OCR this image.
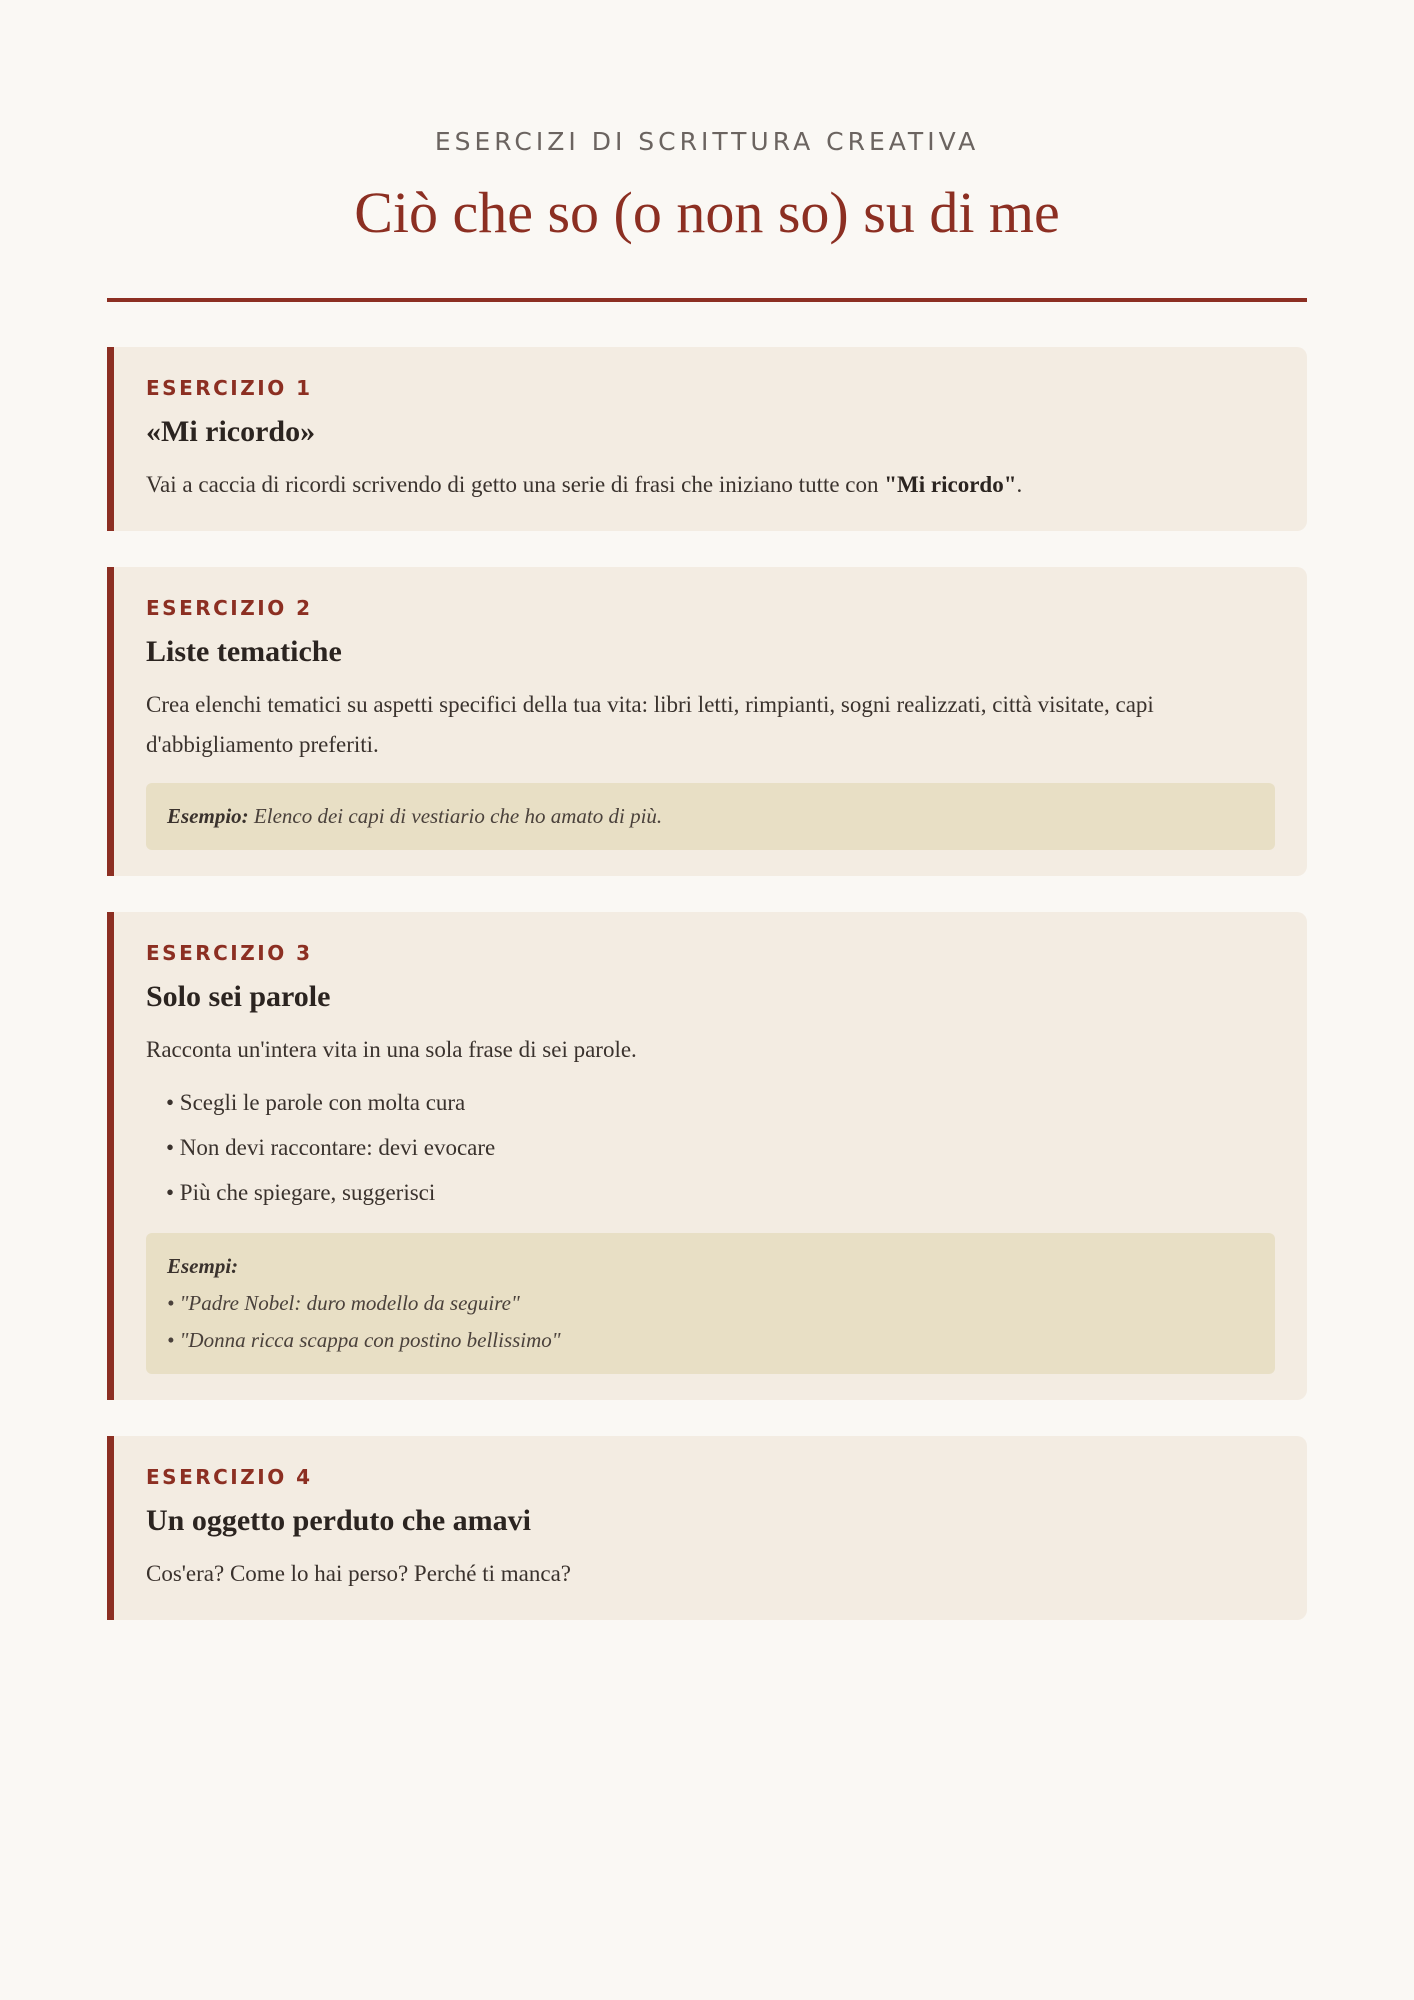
ESERCIZI DI SCRITTURA CREATIVA

Ciò che so (o non so) su di me

ESERCIZIO 1

«Mi ricordo»

Vai a caccia di ricordi scrivendo di getto una serie di frasi che iniziano tutte con "Mi ricordo".

ESERCIZIO 2

Liste tematiche

Crea elenchi tematici su aspetti specifici della tua vita: libri letti, rimpianti, sogni realizzati, città visitate, capi d'abbigliamento preferiti.

Esempio: Elenco dei capi di vestiario che ho amato di più.

ESERCIZIO 3

Solo sei parole

Racconta un'intera vita in una sola frase di sei parole.

• Scegli le parole con molta cura
• Non devi raccontare: devi evocare
• Più che spiegare, suggerisci
Esempi:
• "Padre Nobel: duro modello da seguire"
• "Donna ricca scappa con postino bellissimo"

ESERCIZIO 4

Un oggetto perduto che amavi

Cos'era? Come lo hai perso? Perché ti manca?
